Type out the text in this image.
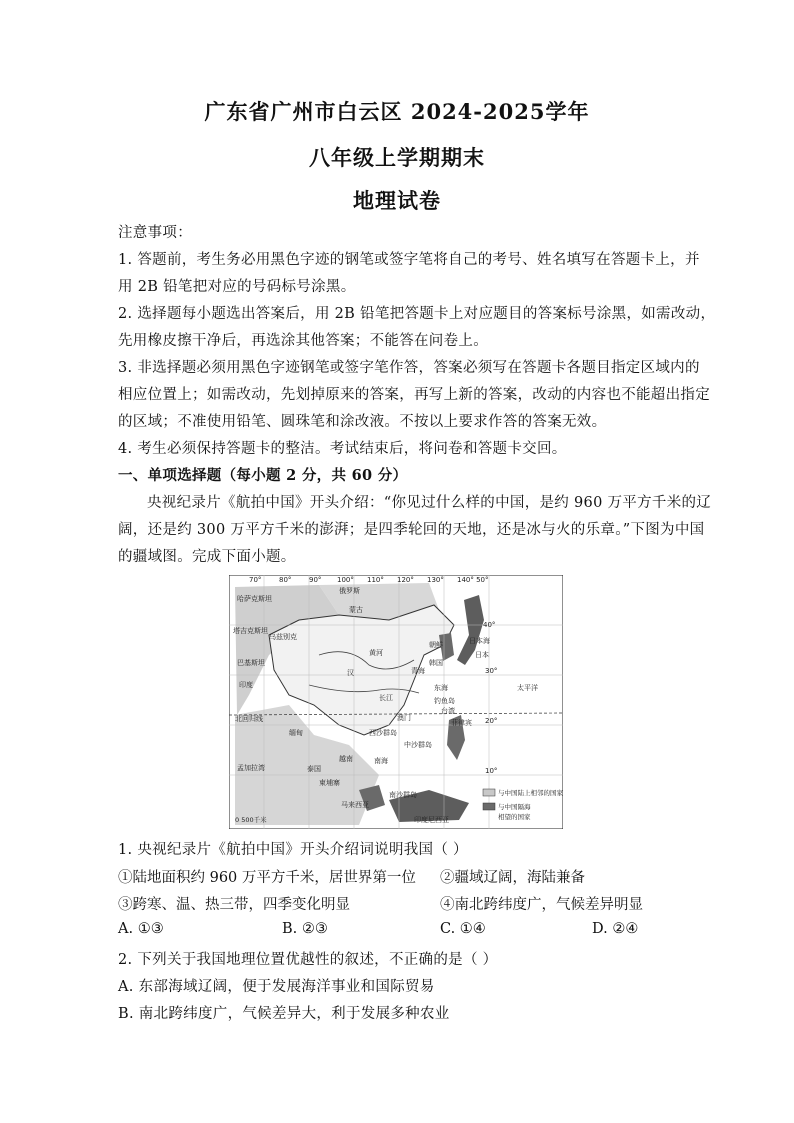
广东省广州市白云区 2024-2025学年
八年级上学期期末
地理试卷
注意事项：
1. 答题前，考生务必用黑色字迹的钢笔或签字笔将自己的考号、姓名填写在答题卡上，并
用 2B 铅笔把对应的号码标号涂黑。
2. 选择题每小题选出答案后，用 2B 铅笔把答题卡上对应题目的答案标号涂黑，如需改动，
先用橡皮擦干净后，再选涂其他答案；不能答在问卷上。
3. 非选择题必须用黑色字迹钢笔或签字笔作答，答案必须写在答题卡各题目指定区域内的
相应位置上；如需改动，先划掉原来的答案，再写上新的答案，改动的内容也不能超出指定
的区域；不准使用铅笔、圆珠笔和涂改液。不按以上要求作答的答案无效。
4. 考生必须保持答题卡的整洁。考试结束后，将问卷和答题卡交回。
一、单项选择题（每小题 2 分，共 60 分）
央视纪录片《航拍中国》开头介绍：“你见过什么样的中国，是约 960 万平方千米的辽
阔，还是约 300 万平方千米的澎湃；是四季轮回的天地，还是冰与火的乐章。”下图为中国
的疆域图。完成下面小题。
哈萨克斯坦
俄罗斯
蒙古
塔吉克斯坦
乌兹别克	日本海
朝鲜
韩国
日本
黄河
长江
太平洋
印度
巴基斯坦
北回归线
东海
钓鱼岛
孟加拉湾
缅甸
泰国
越南	南海
柬埔寨
西沙群岛
中沙群岛
菲律宾
南沙群岛
马来西亚
印度尼西亚
汉	青海
台湾
澳门
70°	80°	90° 100° 110° 120° 130° 140° 50°
40°
30°
20°
10°
与中国陆上相邻的国家
与中国隔海
相望的国家
0 500千米
1. 央视纪录片《航拍中国》开头介绍词说明我国（ ）
①陆地面积约 960 万平方千米，居世界第一位 ②疆域辽阔，海陆兼备
③跨寒、温、热三带，四季变化明显	④南北跨纬度广，气候差异明显
A. ①③	B. ②③	C. ①④	D. ②④
2. 下列关于我国地理位置优越性的叙述，不正确的是（ ）
A. 东部海域辽阔，便于发展海洋事业和国际贸易
B. 南北跨纬度广，气候差异大，利于发展多种农业
